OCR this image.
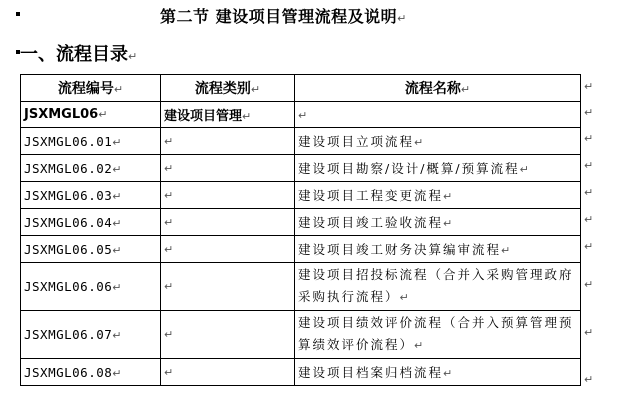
第二节 建设项目管理流程及说明↵
一、流程目录↵
流程编号↵	流程类别↵	流程名称↵
JSXMGL06↵	建设项目管理↵	↵
JSXMGL06.01↵	↵	建设项目立项流程↵
JSXMGL06.02↵	↵	建设项目勘察/设计/概算/预算流程↵
JSXMGL06.03↵	↵	建设项目工程变更流程↵
JSXMGL06.04↵	↵	建设项目竣工验收流程↵
JSXMGL06.05↵	↵	建设项目竣工财务决算编审流程↵
JSXMGL06.06↵	↵	建设项目招投标流程（合并入采购管理政府采购执行流程）↵
JSXMGL06.07↵	↵	建设项目绩效评价流程（合并入预算管理预算绩效评价流程）↵
JSXMGL06.08↵	↵	建设项目档案归档流程↵
↵
↵
↵
↵
↵
↵
↵
↵
↵
↵
